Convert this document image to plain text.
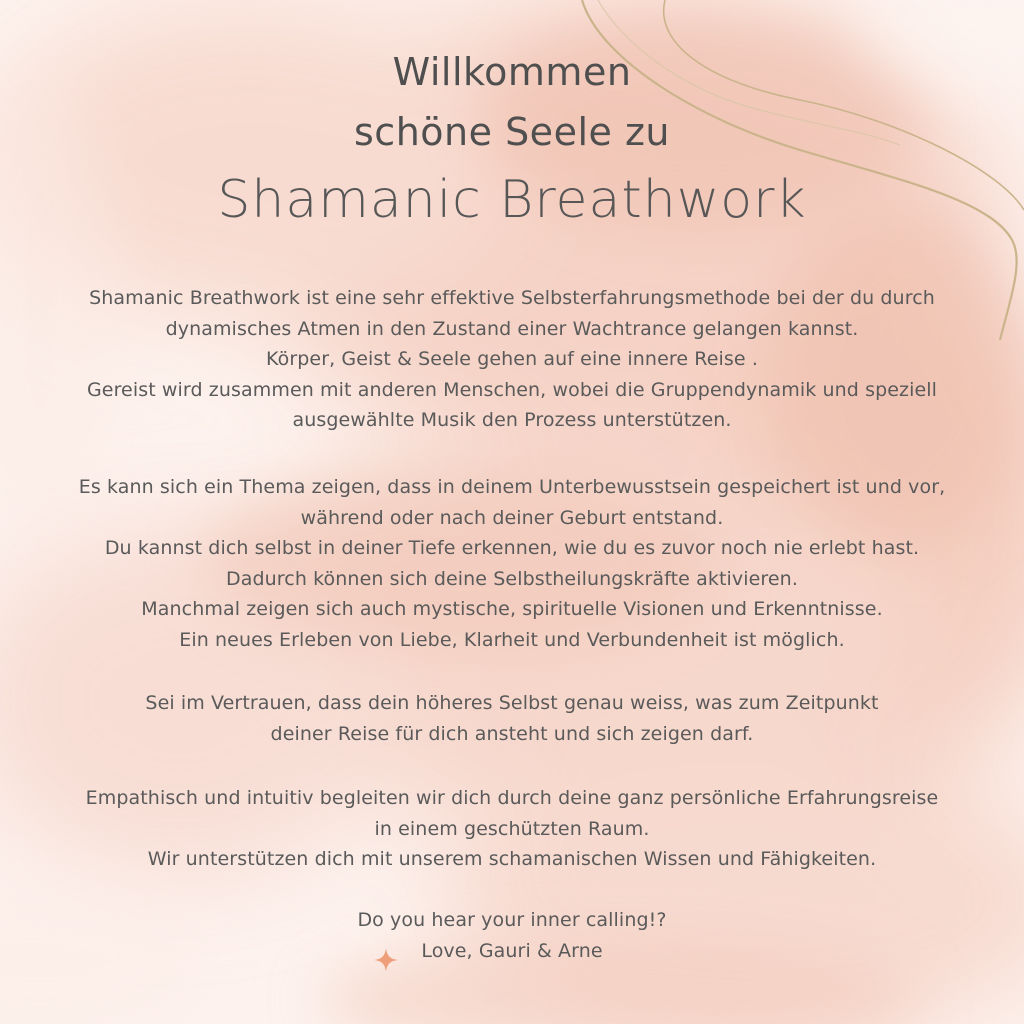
Willkommen
schöne Seele zu
Shamanic Breathwork
Shamanic Breathwork ist eine sehr effektive Selbsterfahrungsmethode bei der du durch
dynamisches Atmen in den Zustand einer Wachtrance gelangen kannst.
Körper, Geist & Seele gehen auf eine innere Reise .
Gereist wird zusammen mit anderen Menschen, wobei die Gruppendynamik und speziell
ausgewählte Musik den Prozess unterstützen.
Es kann sich ein Thema zeigen, dass in deinem Unterbewusstsein gespeichert ist und vor,
während oder nach deiner Geburt entstand.
Du kannst dich selbst in deiner Tiefe erkennen, wie du es zuvor noch nie erlebt hast.
Dadurch können sich deine Selbstheilungskräfte aktivieren.
Manchmal zeigen sich auch mystische, spirituelle Visionen und Erkenntnisse.
Ein neues Erleben von Liebe, Klarheit und Verbundenheit ist möglich.
Sei im Vertrauen, dass dein höheres Selbst genau weiss, was zum Zeitpunkt
deiner Reise für dich ansteht und sich zeigen darf.
Empathisch und intuitiv begleiten wir dich durch deine ganz persönliche Erfahrungsreise
in einem geschützten Raum.
Wir unterstützen dich mit unserem schamanischen Wissen und Fähigkeiten.
Do you hear your inner calling!?
Love, Gauri & Arne
